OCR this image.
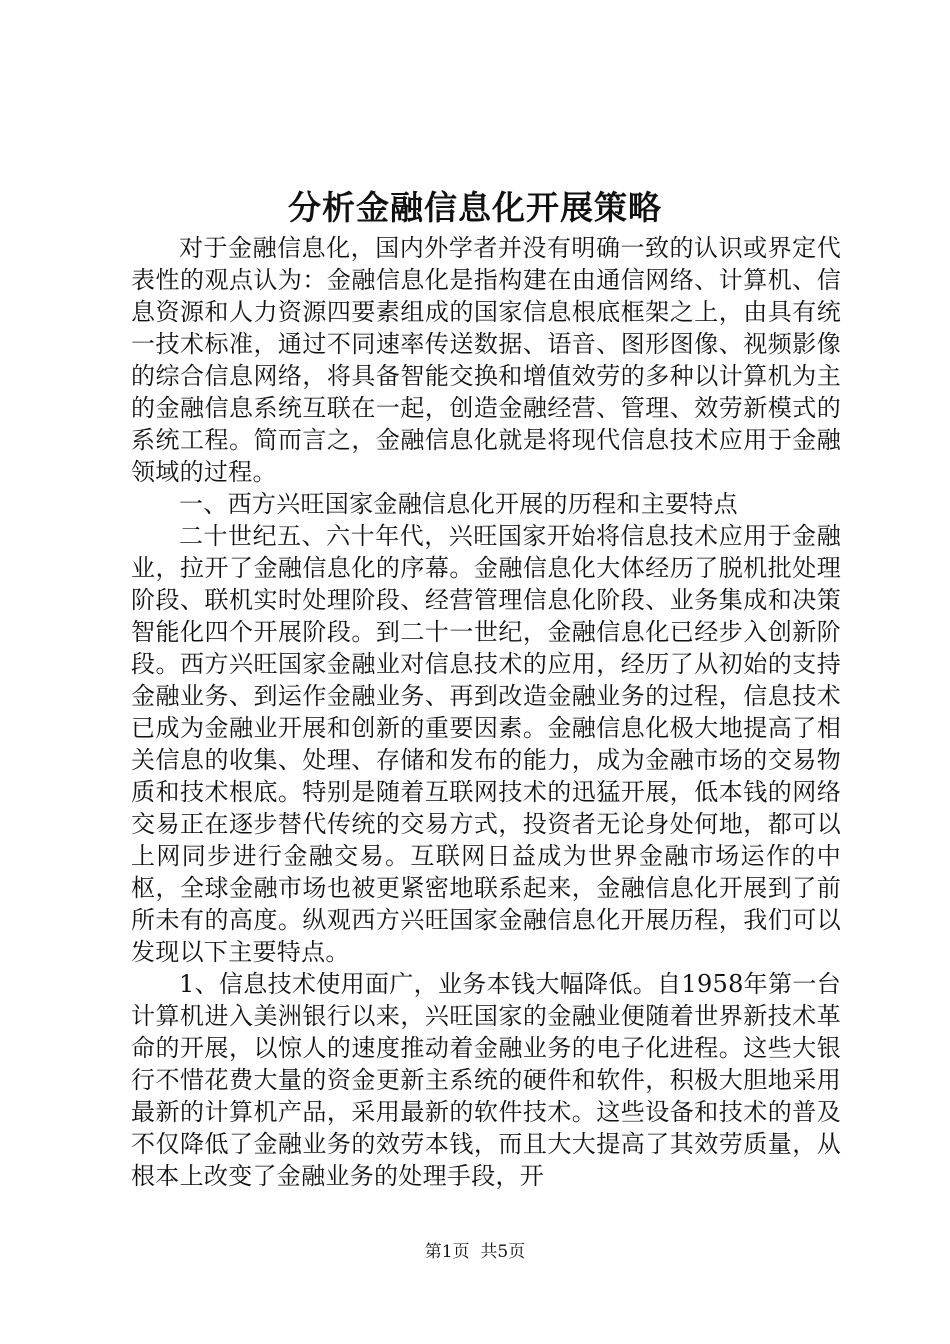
分析金融信息化开展策略

对于金融信息化，国内外学者并没有明确一致的认识或界定代表性的观点认为：金融信息化是指构建在由通信网络、计算机、信息资源和人力资源四要素组成的国家信息根底框架之上，由具有统一技术标准，通过不同速率传送数据、语音、图形图像、视频影像的综合信息网络，将具备智能交换和增值效劳的多种以计算机为主的金融信息系统互联在一起，创造金融经营、管理、效劳新模式的系统工程。简而言之，金融信息化就是将现代信息技术应用于金融领域的过程。

一、西方兴旺国家金融信息化开展的历程和主要特点

二十世纪五、六十年代，兴旺国家开始将信息技术应用于金融业，拉开了金融信息化的序幕。金融信息化大体经历了脱机批处理阶段、联机实时处理阶段、经营管理信息化阶段、业务集成和决策智能化四个开展阶段。到二十一世纪，金融信息化已经步入创新阶段。西方兴旺国家金融业对信息技术的应用，经历了从初始的支持金融业务、到运作金融业务、再到改造金融业务的过程，信息技术已成为金融业开展和创新的重要因素。金融信息化极大地提高了相关信息的收集、处理、存储和发布的能力，成为金融市场的交易物质和技术根底。特别是随着互联网技术的迅猛开展，低本钱的网络交易正在逐步替代传统的交易方式，投资者无论身处何地，都可以上网同步进行金融交易。互联网日益成为世界金融市场运作的中枢，全球金融市场也被更紧密地联系起来，金融信息化开展到了前所未有的高度。纵观西方兴旺国家金融信息化开展历程，我们可以发现以下主要特点。

1、信息技术使用面广，业务本钱大幅降低。自1958年第一台计算机进入美洲银行以来，兴旺国家的金融业便随着世界新技术革命的开展，以惊人的速度推动着金融业务的电子化进程。这些大银行不惜花费大量的资金更新主系统的硬件和软件，积极大胆地采用最新的计算机产品，采用最新的软件技术。这些设备和技术的普及不仅降低了金融业务的效劳本钱，而且大大提高了其效劳质量，从根本上改变了金融业务的处理手段，开

第1页 共5页
